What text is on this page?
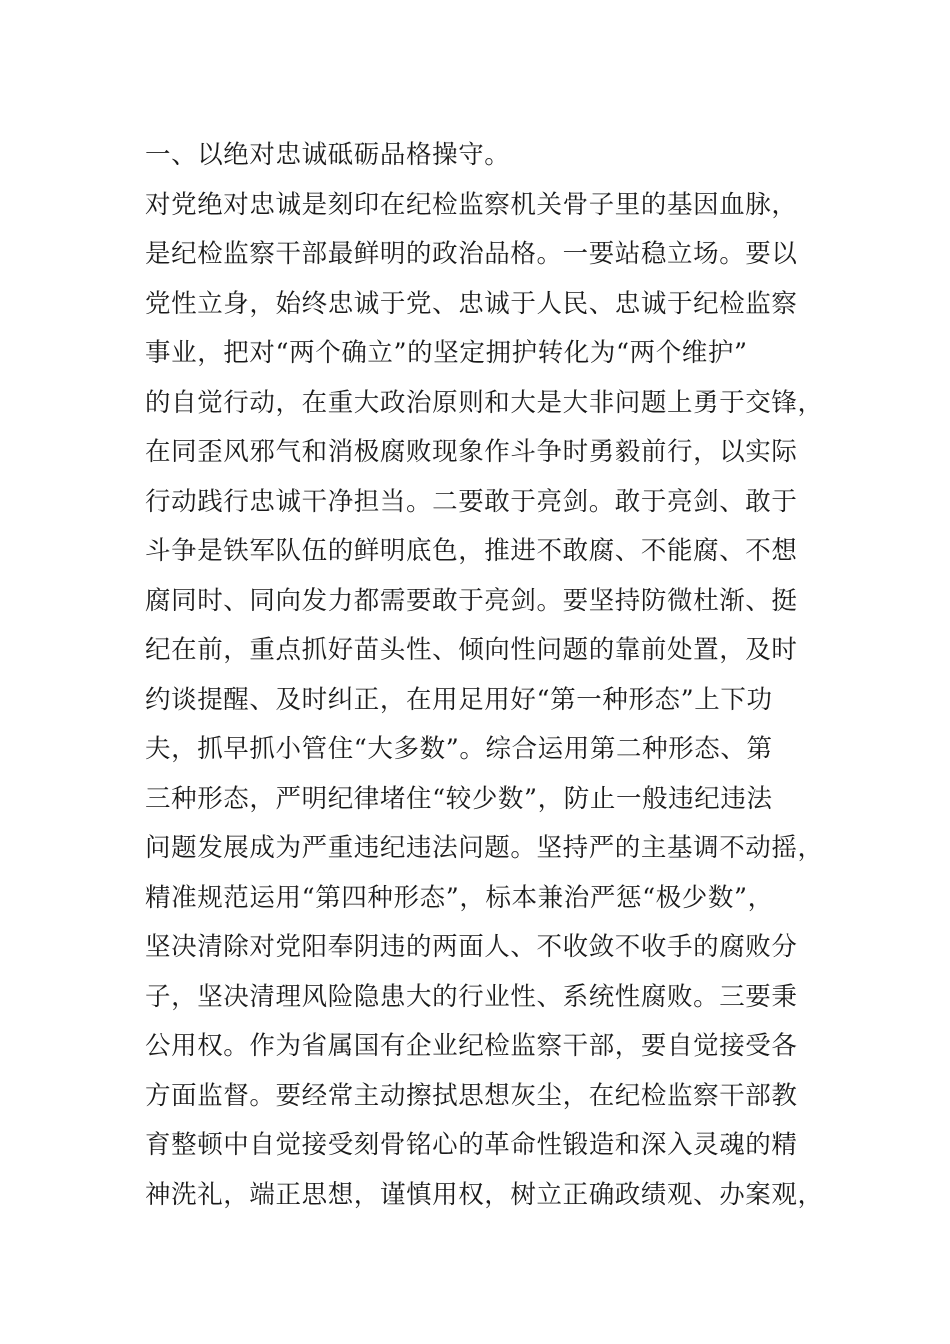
一、以绝对忠诚砥砺品格操守。
对党绝对忠诚是刻印在纪检监察机关骨子里的基因血脉，
是纪检监察干部最鲜明的政治品格。一要站稳立场。要以
党性立身，始终忠诚于党、忠诚于人民、忠诚于纪检监察
事业，把对“两个确立”的坚定拥护转化为“两个维护”
的自觉行动，在重大政治原则和大是大非问题上勇于交锋，
在同歪风邪气和消极腐败现象作斗争时勇毅前行，以实际
行动践行忠诚干净担当。二要敢于亮剑。敢于亮剑、敢于
斗争是铁军队伍的鲜明底色，推进不敢腐、不能腐、不想
腐同时、同向发力都需要敢于亮剑。要坚持防微杜渐、挺
纪在前，重点抓好苗头性、倾向性问题的靠前处置，及时
约谈提醒、及时纠正，在用足用好“第一种形态”上下功
夫，抓早抓小管住“大多数”。综合运用第二种形态、第
三种形态，严明纪律堵住“较少数”，防止一般违纪违法
问题发展成为严重违纪违法问题。坚持严的主基调不动摇，
精准规范运用“第四种形态”，标本兼治严惩“极少数”，
坚决清除对党阳奉阴违的两面人、不收敛不收手的腐败分
子，坚决清理风险隐患大的行业性、系统性腐败。三要秉
公用权。作为省属国有企业纪检监察干部，要自觉接受各
方面监督。要经常主动擦拭思想灰尘，在纪检监察干部教
育整顿中自觉接受刻骨铭心的革命性锻造和深入灵魂的精
神洗礼，端正思想，谨慎用权，树立正确政绩观、办案观，
